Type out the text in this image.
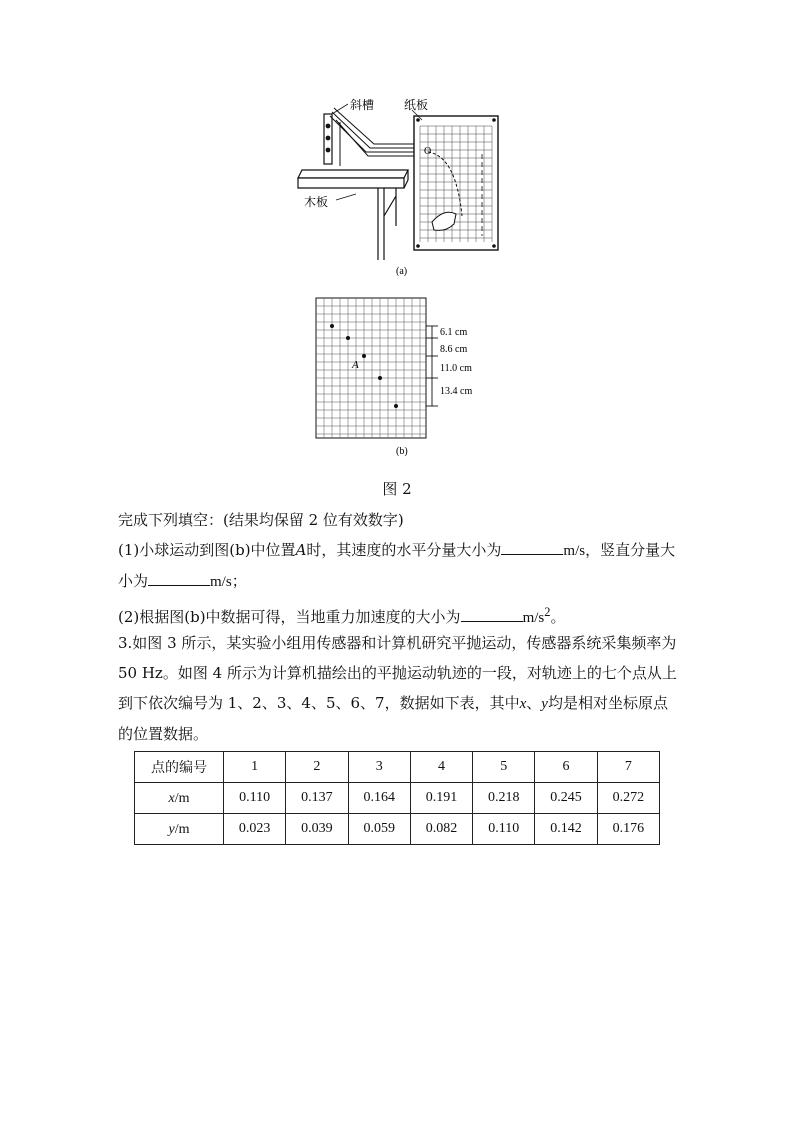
斜槽 纸板
木板
O
(a)
A
6.1 cm
8.6 cm
11.0 cm
13.4 cm
(b)
图 2

完成下列填空：(结果均保留 2 位有效数字)

(1)小球运动到图(b)中位置A时，其速度的水平分量大小为	m/s，竖直分量大小为	m/s；

(2)根据图(b)中数据可得，当地重力加速度的大小为	$m/s^2$。

3.如图 3 所示，某实验小组用传感器和计算机研究平抛运动，传感器系统采集频率为 50 Hz。如图 4 所示为计算机描绘出的平抛运动轨迹的一段，对轨迹上的七个点从上到下依次编号为 1、2、3、4、5、6、7，数据如下表，其中x、y均是相对坐标原点的位置数据。

点的编号	1	2	3	4	5	6	7
x/m	0.110	0.137	0.164	0.191	0.218	0.245	0.272
y/m	0.023	0.039	0.059	0.082	0.110	0.142	0.176
